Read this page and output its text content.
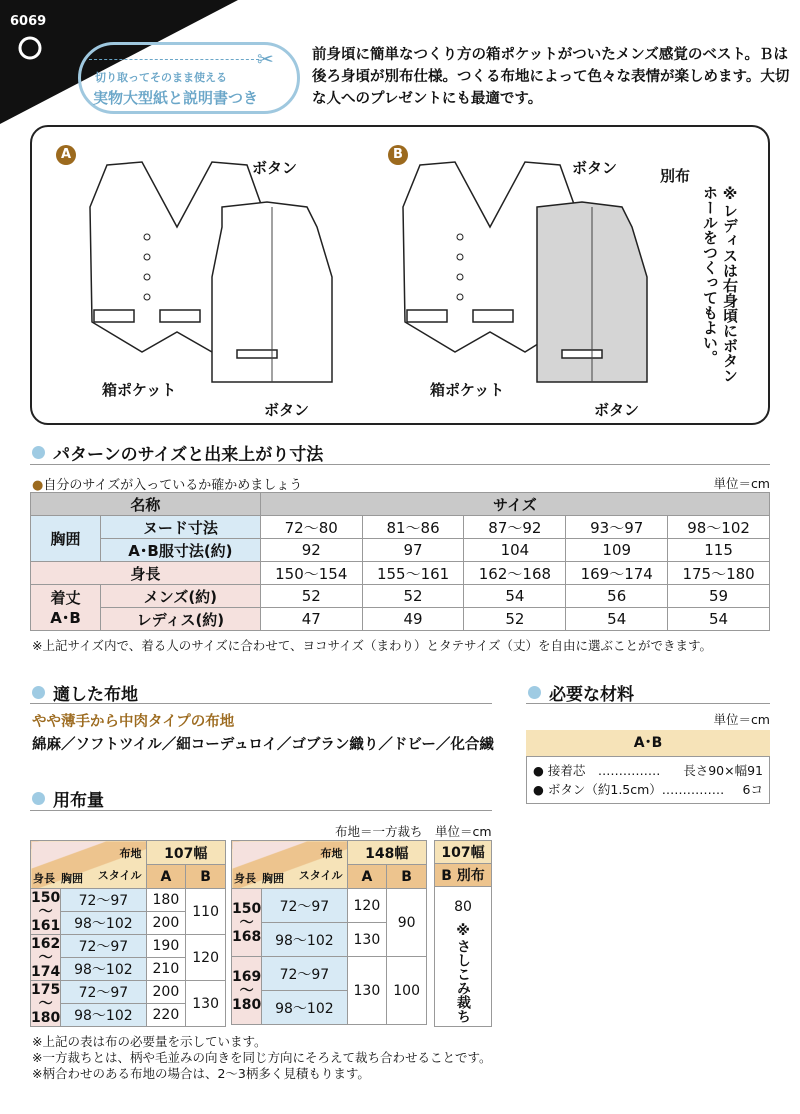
6069
✂
切り取ってそのまま使える
実物大型紙と説明書つき
前身頃に簡単なつくり方の箱ポケットがついたメンズ感覚のベスト。Ｂは後ろ身頃が別布仕様。つくる布地によって色々な表情が楽しめます。大切な人へのプレゼントにも最適です。
A	B
ボタン
箱ポケット
ボタン
ボタン	別布
箱ポケット
ボタン
※レディスは右身頃にボタンホールをつくってもよい。
パターンのサイズと出来上がり寸法
●自分のサイズが入っているか確かめましょう	単位＝cm
名称		サイズ				
胸囲	ヌード寸法	72〜80	81〜86	87〜92	93〜97	98〜102
	A･B服寸法(約)	92	97	104	109	115
身長		150〜154	155〜161	162〜168	169〜174	175〜180
着丈
A･B	メンズ(約)	52	52	54	56	59
	レディス(約)	47	49	52	54	54
※上記サイズ内で、着る人のサイズに合わせて、ヨコサイズ（まわり）とタテサイズ（丈）を自由に選ぶことができます。
適した布地
やや薄手から中肉タイプの布地
綿麻／ソフトツイル／細コーデュロイ／ゴブラン織り／ドビー／化合繊
必要な材料
単位＝cm
A･B
● 接着芯　…………… 長さ90×幅91
● ボタン（約1.5cm）…………… 6コ
用布量
布地＝一方裁ち 単位＝cm
布地
スタイル
身長 胸囲		107幅	
		A	B
150
〜
161	72〜97	180	110
	98〜102	200	
162
〜
174	72〜97	190	120
	98〜102	210	
175
〜
180	72〜97	200	130
	98〜102	220	
布地
スタイル
身長 胸囲		148幅	
		A	B
150
〜
168	72〜97	120	90
	98〜102	130	
169
〜
180	72〜97	130	100
	98〜102		
107幅
B 別布

80
※さしこみ裁ち
※上記の表は布の必要量を示しています。
※一方裁ちとは、柄や毛並みの向きを同じ方向にそろえて裁ち合わせることです。
※柄合わせのある布地の場合は、2〜3柄多く見積もります。
